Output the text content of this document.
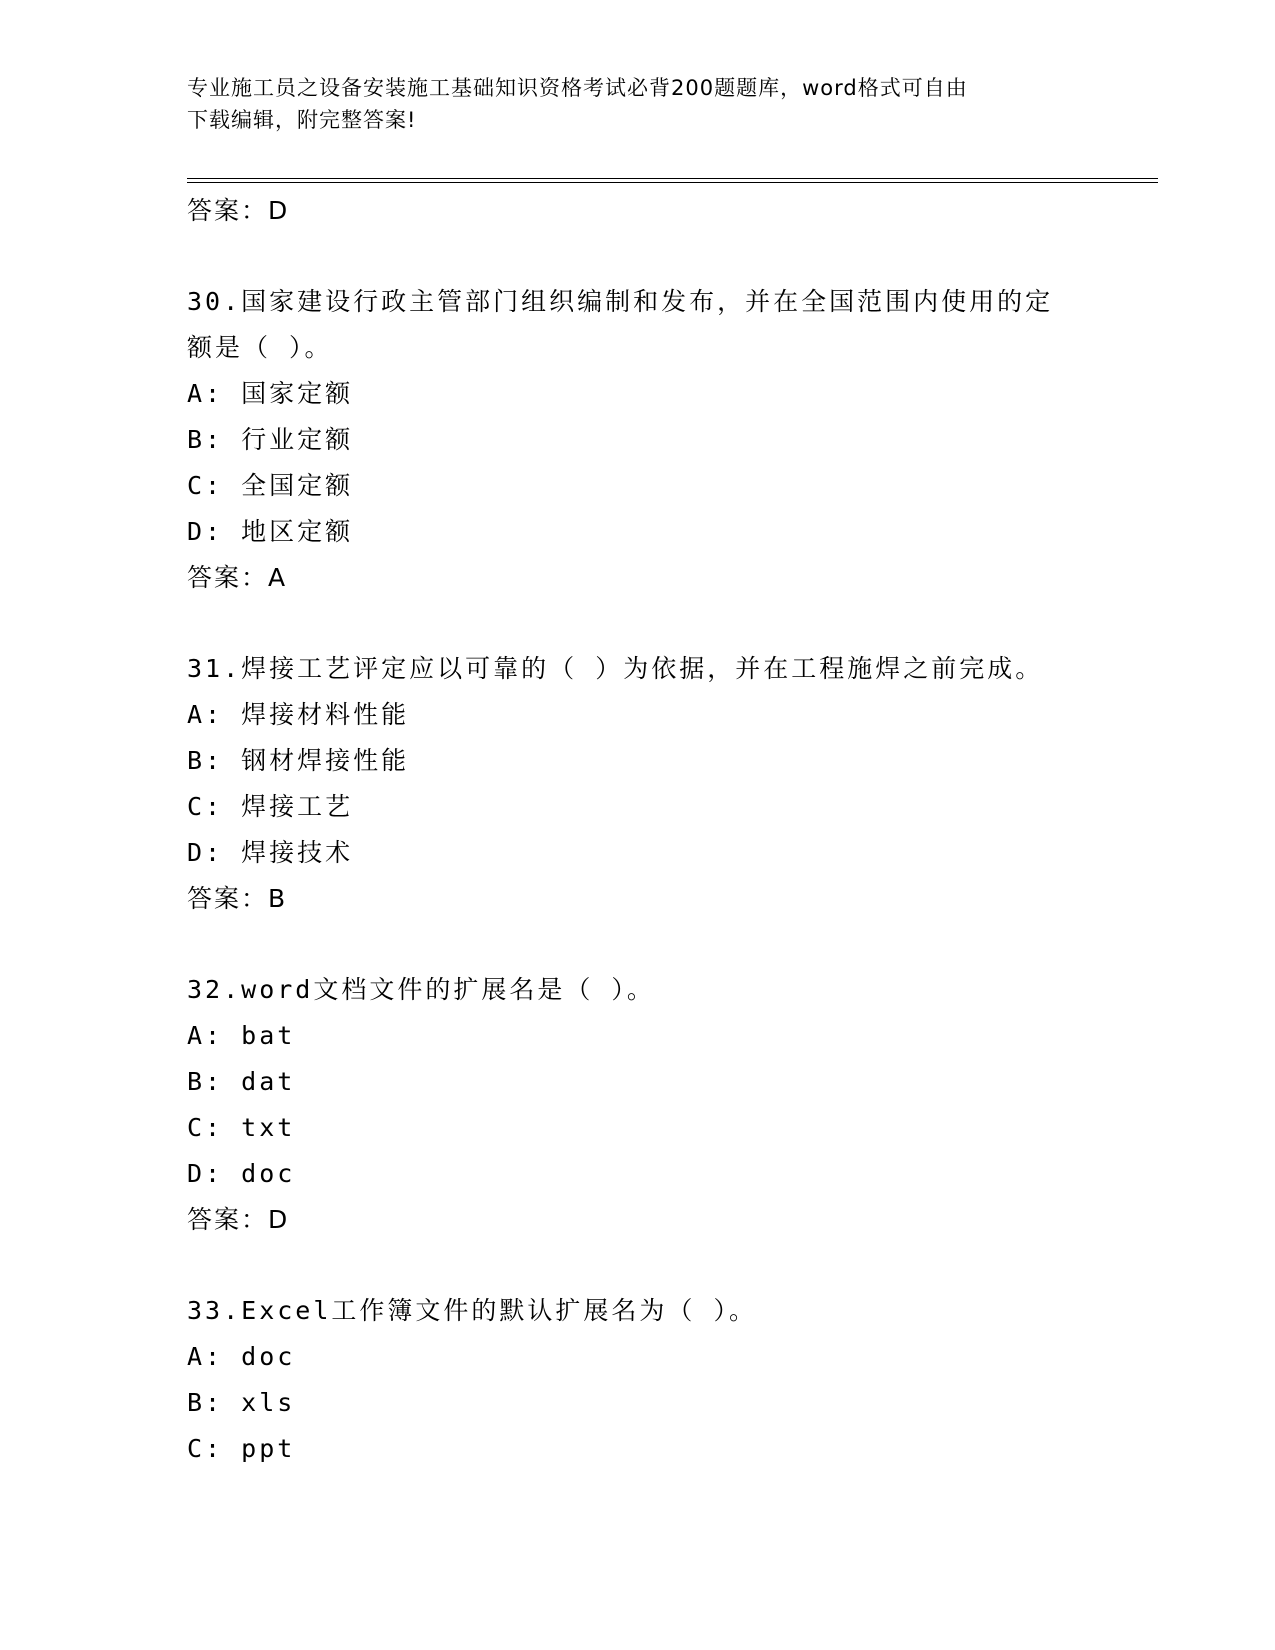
专业施工员之设备安装施工基础知识资格考试必背200题题库，word格式可自由
下载编辑，附完整答案!
答案：D
30.国家建设行政主管部门组织编制和发布，并在全国范围内使用的定
额是（ ）。
A: 国家定额
B: 行业定额
C: 全国定额
D: 地区定额
答案：A
31.焊接工艺评定应以可靠的（ ）为依据，并在工程施焊之前完成。
A: 焊接材料性能
B: 钢材焊接性能
C: 焊接工艺
D: 焊接技术
答案：B
32.word文档文件的扩展名是（ ）。
A: bat
B: dat
C: txt
D: doc
答案：D
33.Excel工作簿文件的默认扩展名为（ ）。
A: doc
B: xls
C: ppt
